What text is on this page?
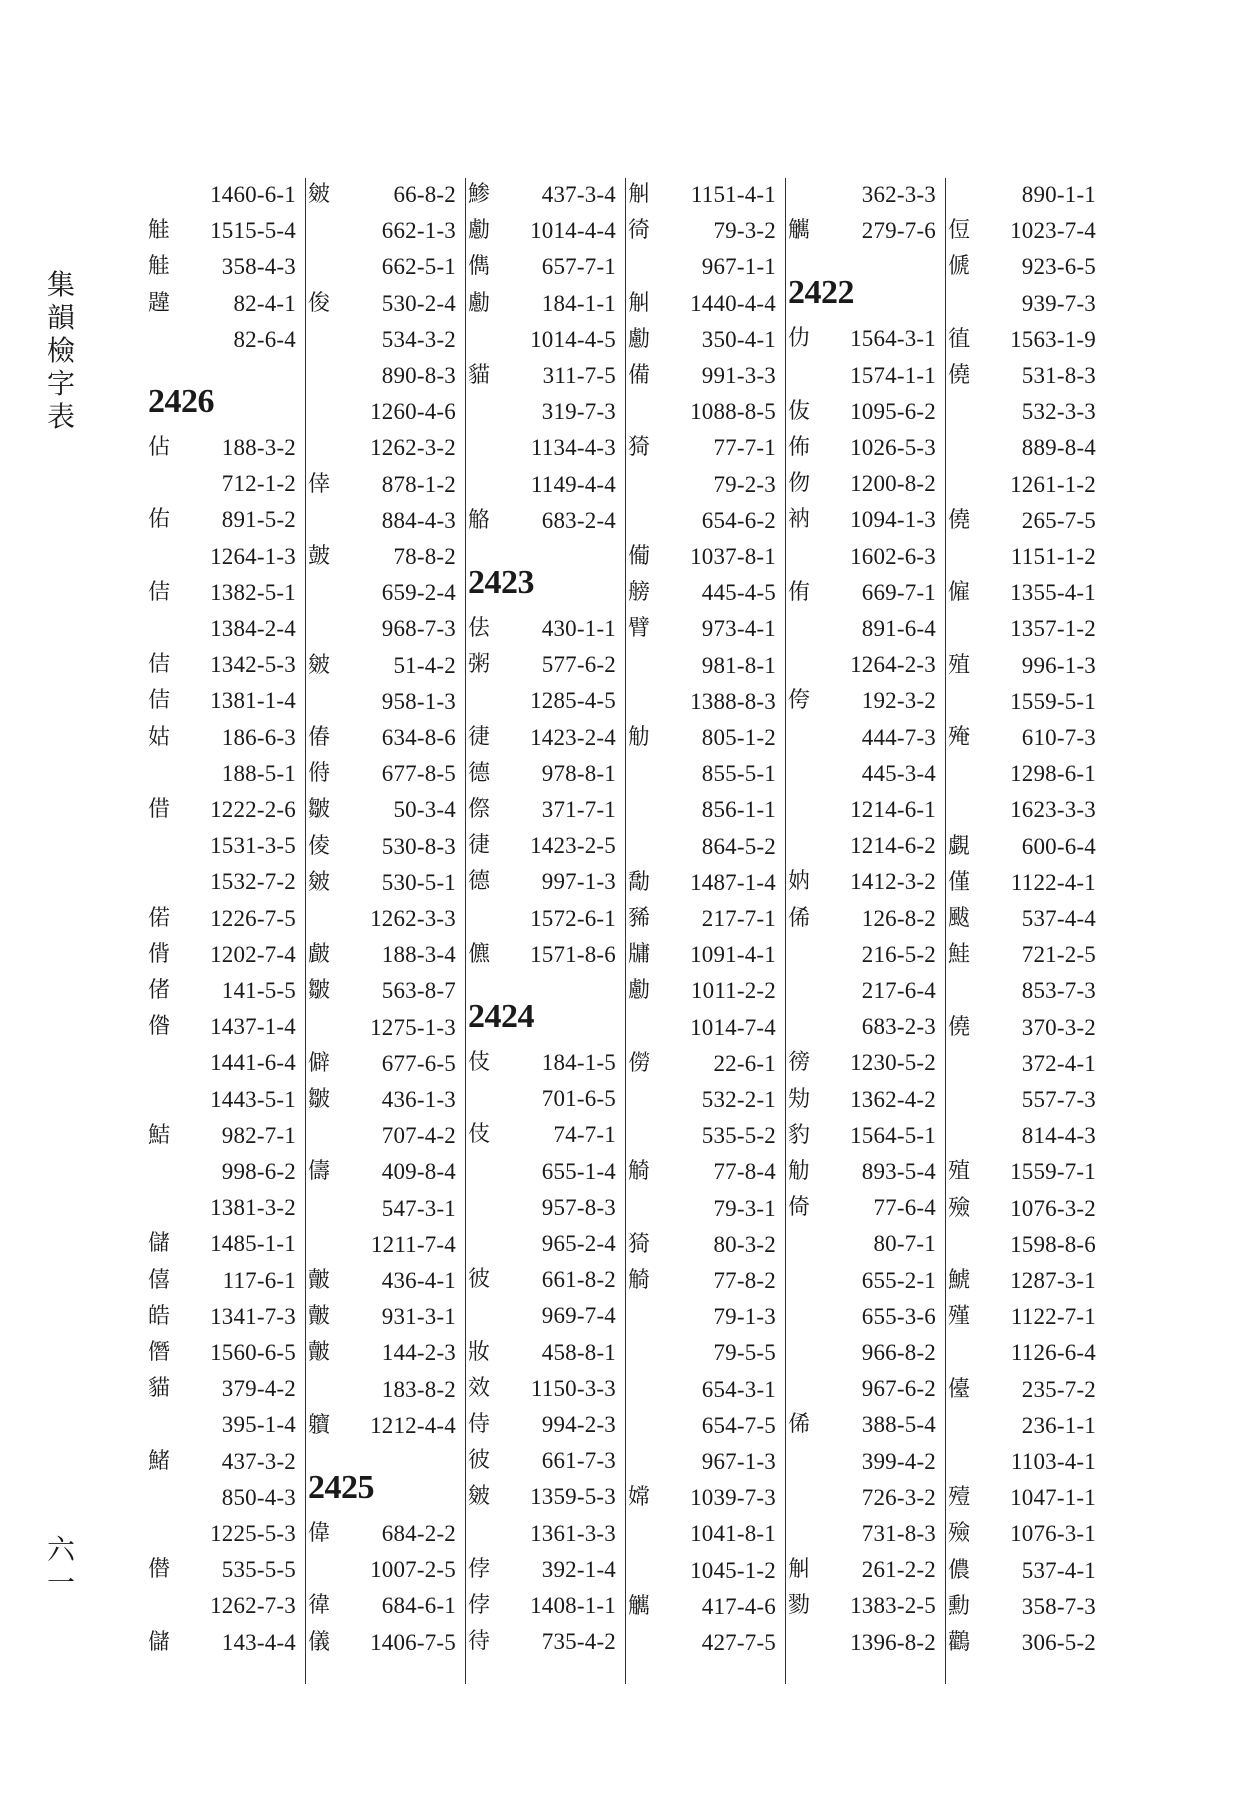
集
韻
檢
字
表
1460-6-1
觟 1515-5-4
觟 358-4-3
韙	82-4-1
82-6-4
2426
佔 188-3-2
712-1-2
佑 891-5-2
1264-1-3
佶 1382-5-1
1384-2-4
佶 1342-5-3
佶 1381-1-4
姑 186-6-3
188-5-1
借 1222-2-6
1531-3-5
1532-7-2
偌 1226-7-5
偝 1202-7-4
偖 141-5-5
偺 1437-1-4
1441-6-4
1443-5-1
鮚 982-7-1
998-6-2
1381-3-2
儲 1485-1-1
僖 117-6-1
皓 1341-7-3
僭 1560-6-5
貓 379-4-2
395-1-4
鯺 437-3-2
850-4-3
1225-5-3
僣 535-5-5
1262-7-3
儲 143-4-4
皴	66-8-2
662-1-3
662-5-1
俊 530-2-4
534-3-2
890-8-3
1260-4-6
1262-3-2
倖 878-1-2
884-4-3
皷	78-8-2
659-2-4
968-7-3
皴	51-4-2
958-1-3
偆 634-8-6
偫 677-8-5
皺	50-3-4
倰 530-8-3
皴 530-5-1
1262-3-3
皻 188-3-4
皺 563-8-7
1275-1-3
僻 677-6-5
皺 436-1-3
707-4-2
儔 409-8-4
547-3-1
1211-7-4
皾 436-4-1
皾 931-3-1
皾 144-2-3
183-8-2
軉 1212-4-4
2425
偉 684-2-2
1007-2-5
徫 684-6-1
儀 1406-7-5
鯵 437-3-4
勴 1014-4-4
儁 657-7-1
勴 184-1-1
1014-4-5
貓 311-7-5
319-7-3
1134-4-3
1149-4-4
觡 683-2-4
2423
佉 430-1-1
粥 577-6-2
1285-4-5
徢 1423-2-4
德 978-8-1
傺 371-7-1
徢 1423-2-5
德 997-1-3
1572-6-1
儦 1571-8-6
2424
伎 184-1-5
701-6-5
伎	74-7-1
655-1-4
957-8-3
965-2-4
彼 661-8-2
969-7-4
妝 458-8-1
效 1150-3-3
侍 994-2-3
彼 661-7-3
皴 1359-5-3
1361-3-3
侼 392-1-4
侼 1408-1-1
待 735-4-2
觓 1151-4-1
徛	79-3-2
967-1-1
觓 1440-4-4
勴 350-4-1
備 991-3-3
1088-8-5
猗	77-7-1
79-2-3
654-6-2
僃 1037-8-1
艕 445-4-5
臂 973-4-1
981-8-1
1388-8-3
觔 805-1-2
855-5-1
856-1-1
864-5-2
勪 1487-1-4
豨 217-7-1
牗 1091-4-1
勴 1011-2-2
1014-7-4
僗	22-6-1
532-2-1
535-5-2
觭	77-8-4
79-3-1
猗	80-3-2
觭	77-8-2
79-1-3
79-5-5
654-3-1
654-7-5
967-1-3
嫦 1039-7-3
1041-8-1
1045-1-2
觽 417-4-6
427-7-5
362-3-3
觽 279-7-6
2422
仂 1564-3-1
1574-1-1
伖 1095-6-2
佈 1026-5-3
伆 1200-8-2
衲 1094-1-3
1602-6-3
侑 669-7-1
891-6-4
1264-2-3
侉 192-3-2
444-7-3
445-3-4
1214-6-1
1214-6-2
妠 1412-3-2
俙 126-8-2
216-5-2
217-6-4
683-2-3
徬 1230-5-2
劮 1362-4-2
豹 1564-5-1
觔 893-5-4
倚	77-6-4
80-7-1
655-2-1
655-3-6
966-8-2
967-6-2
俙 388-5-4
399-4-2
726-3-2
731-8-3
觓 261-2-2
勠 1383-2-5
1396-8-2
890-1-1
侸 1023-7-4
傂 923-6-5
939-7-3
徝 1563-1-9
僥 531-8-3
532-3-3
889-8-4
1261-1-2
僥 265-7-5
1151-1-2
僱 1355-4-1
1357-1-2
殖 996-1-3
1559-5-1
殗 610-7-3
1298-6-1
1623-3-3
覷 600-6-4
僅 1122-4-1
颰 537-4-4
鮭 721-2-5
853-7-3
僥 370-3-2
372-4-1
557-7-3
814-4-3
殖 1559-7-1
殮 1076-3-2
1598-8-6
鯱 1287-3-1
殣 1122-7-1
1126-6-4
儓 235-7-2
236-1-1
1103-4-1
殪 1047-1-1
殮 1076-3-1
儂 537-4-1
勳 358-7-3
鸛 306-5-2
六
一
